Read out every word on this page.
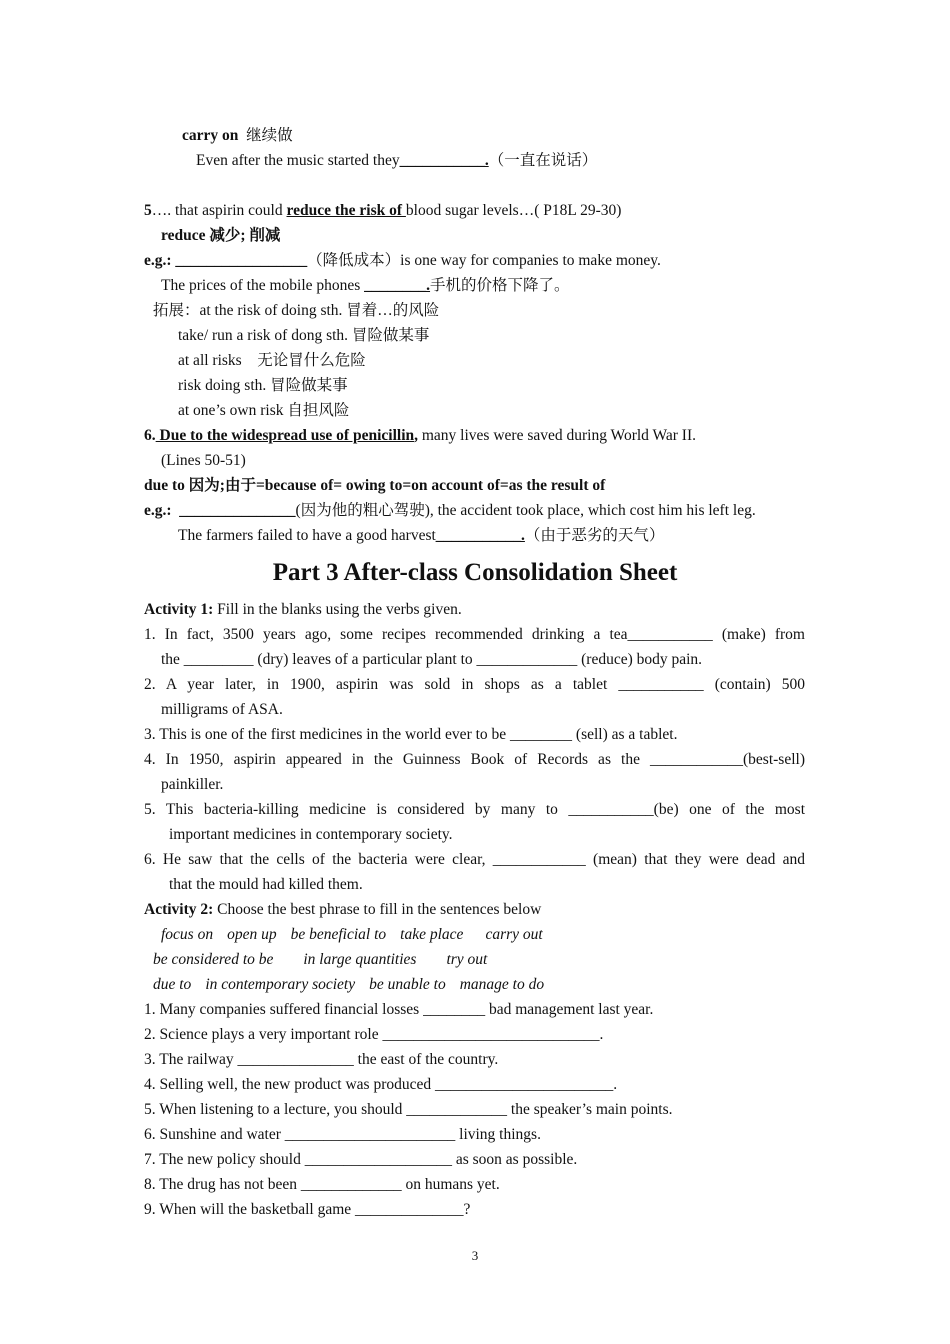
carry on 继续做
Even after the music started they___________.（一直在说话）
5…. that aspirin could reduce the risk of blood sugar levels…( P18L 29-30)
reduce 减少; 削减
e.g.: _________________（降低成本）is one way for companies to make money.
The prices of the mobile phones ________.手机的价格下降了。
拓展：at the risk of doing sth. 冒着…的风险
take/ run a risk of dong sth. 冒险做某事
at all risks　无论冒什么危险
risk doing sth. 冒险做某事
at one’s own risk 自担风险
6. Due to the widespread use of penicillin, many lives were saved during World War II.
(Lines 50-51)
due to 因为;由于=because of= owing to=on account of=as the result of
e.g.: _______________(因为他的粗心驾驶), the accident took place, which cost him his left leg.
The farmers failed to have a good harvest___________.（由于恶劣的天气）
Part 3 After-class Consolidation Sheet
Activity 1: Fill in the blanks using the verbs given.
1. In fact, 3500 years ago, some recipes recommended drinking a tea___________ (make) from
the _________ (dry) leaves of a particular plant to _____________ (reduce) body pain.
2. A year later, in 1900, aspirin was sold in shops as a tablet ___________ (contain) 500
milligrams of ASA.
3. This is one of the first medicines in the world ever to be ________ (sell) as a tablet.
4. In 1950, aspirin appeared in the Guinness Book of Records as the ____________(best-sell)
painkiller.
5. This bacteria-killing medicine is considered by many to ___________(be) one of the most
important medicines in contemporary society.
6. He saw that the cells of the bacteria were clear, ____________ (mean) that they were dead and
that the mould had killed them.
Activity 2: Choose the best phrase to fill in the sentences below
focus on open up be beneficial to take place carry out
be considered to be in large quantities try out
due to in contemporary society be unable to manage to do
1. Many companies suffered financial losses ________ bad management last year.
2. Science plays a very important role ____________________________.
3. The railway _______________ the east of the country.
4. Selling well, the new product was produced _______________________.
5. When listening to a lecture, you should _____________ the speaker’s main points.
6. Sunshine and water ______________________ living things.
7. The new policy should ___________________ as soon as possible.
8. The drug has not been _____________ on humans yet.
9. When will the basketball game ______________?
3
